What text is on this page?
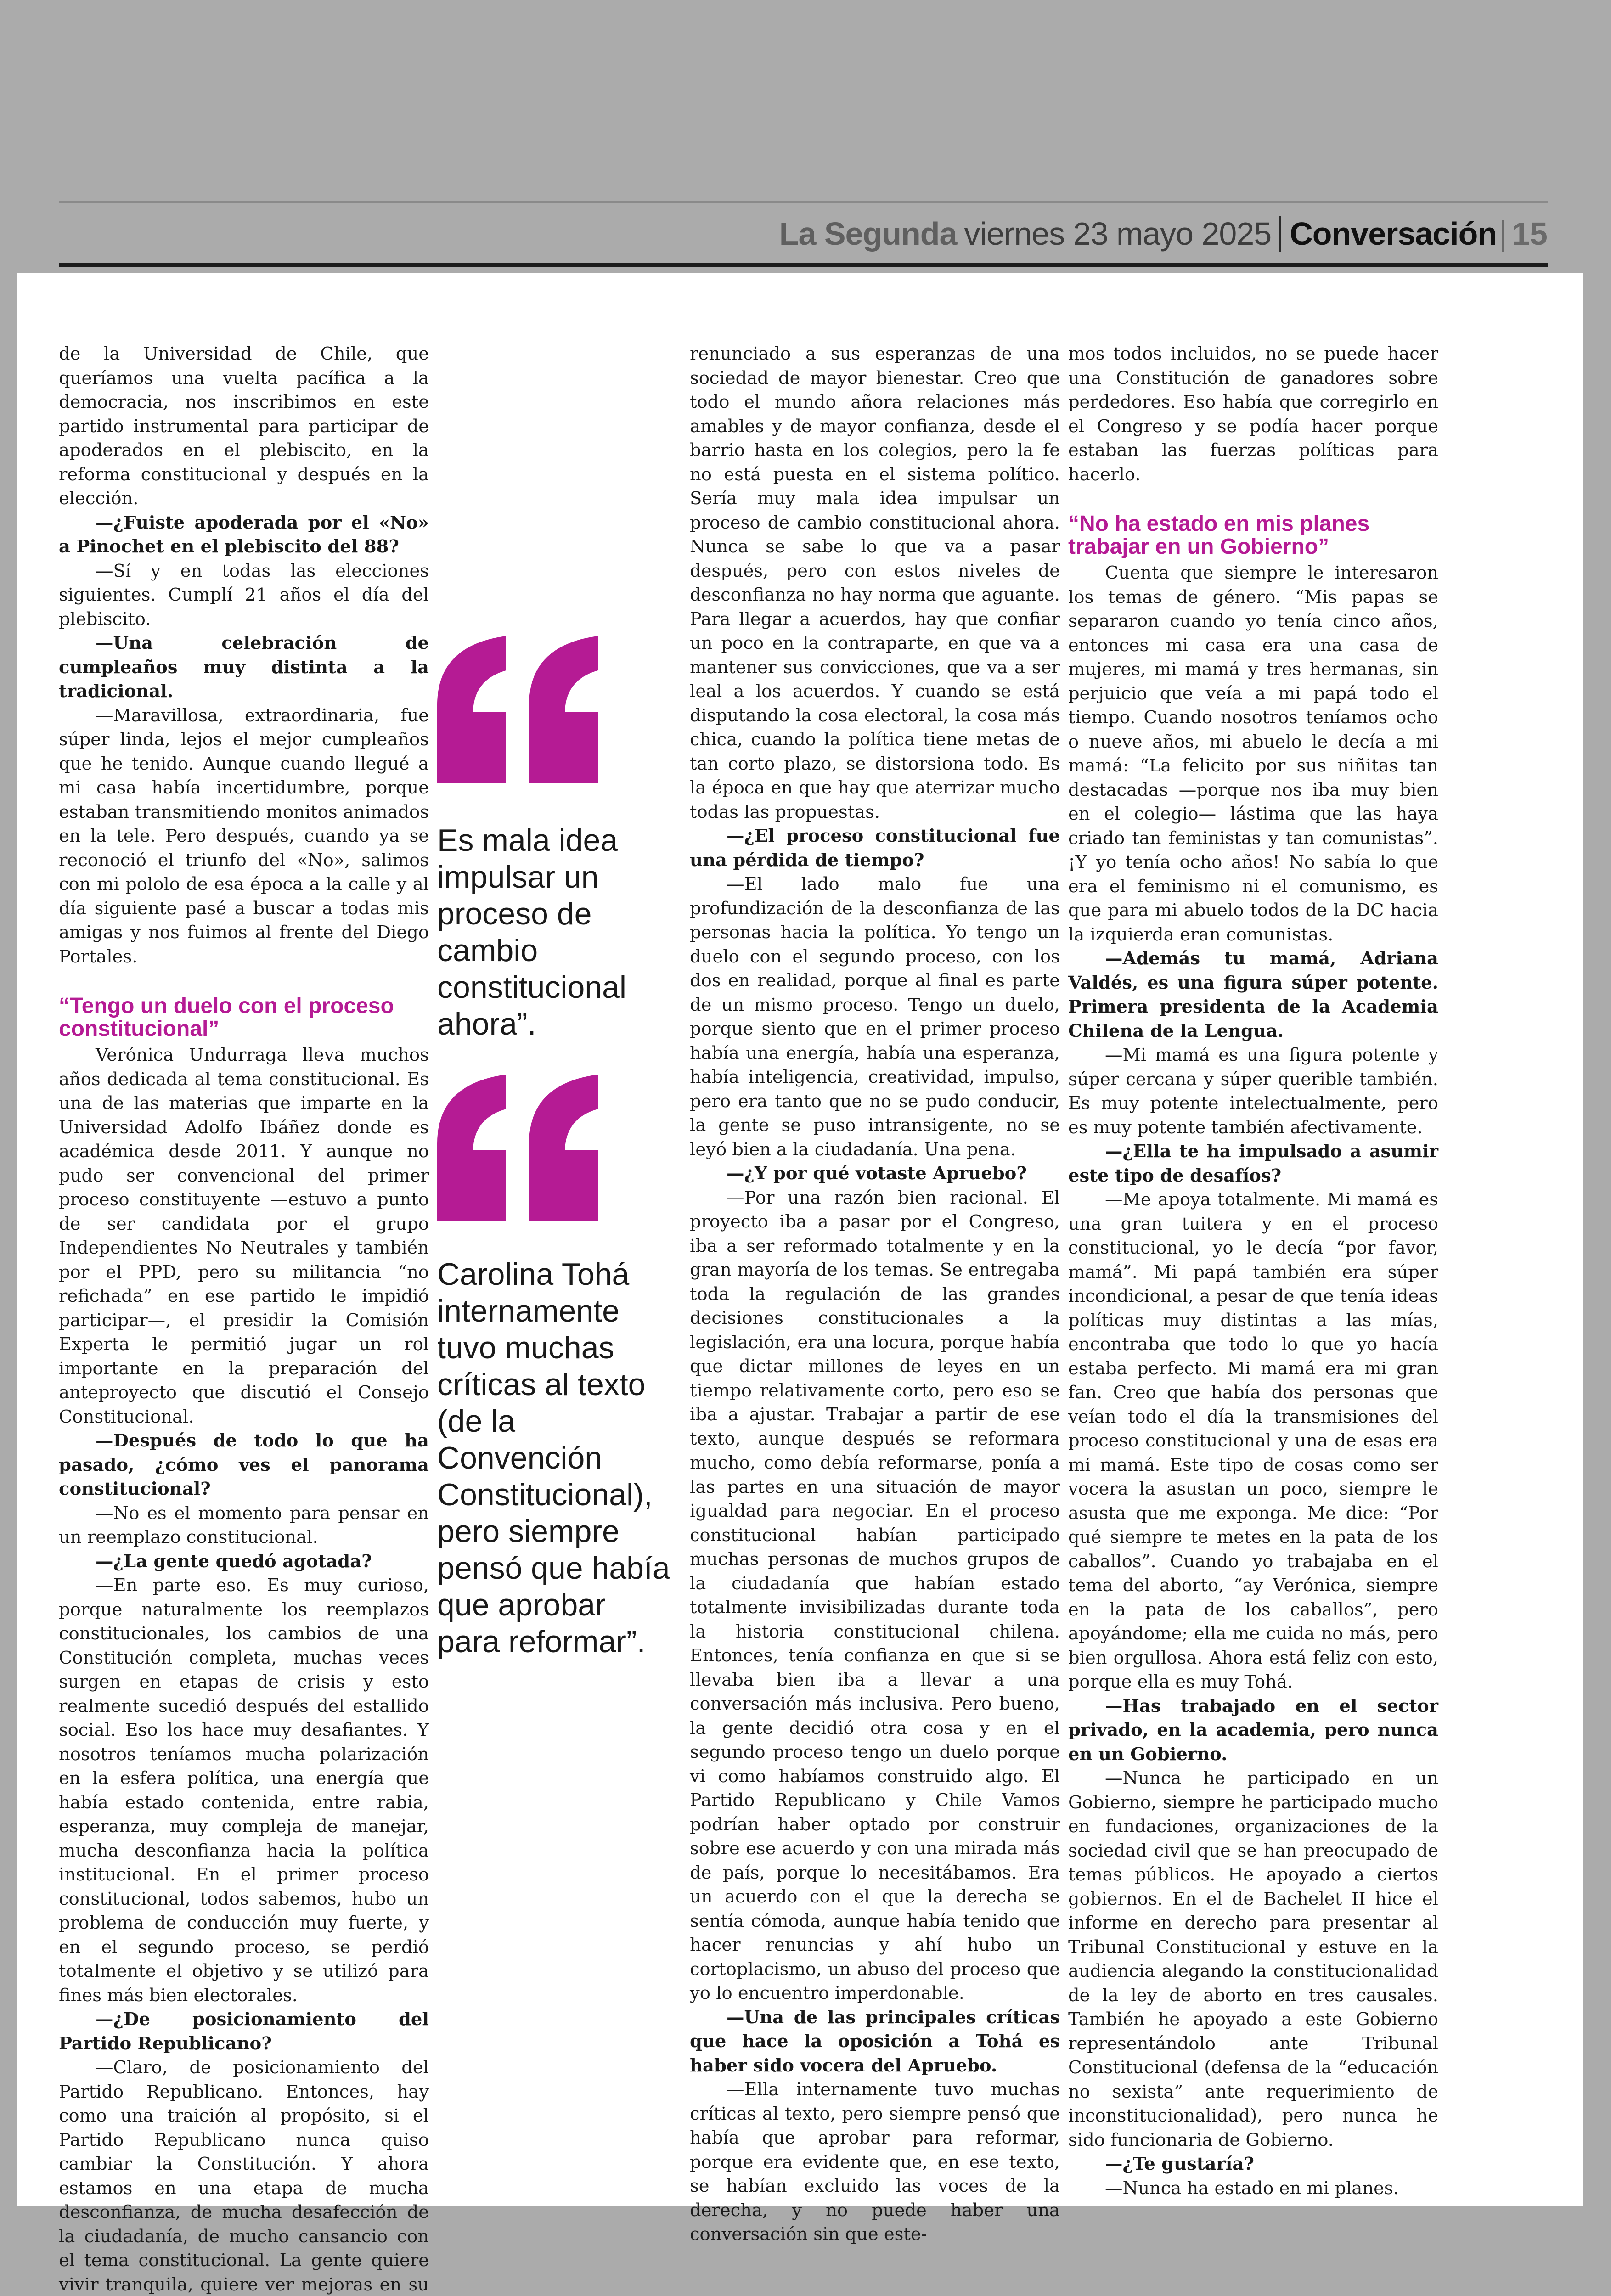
La Segunda viernes 23 mayo 2025 Conversación 15

de la Universidad de Chile, que queríamos una vuelta pacífica a la democracia, nos inscribimos en este partido instrumental para participar de apoderados en el plebiscito, en la reforma constitucional y después en la elección.

—¿Fuiste apoderada por el «No» a Pinochet en el plebiscito del 88?

—Sí y en todas las elecciones siguientes. Cumplí 21 años el día del plebiscito.

—Una celebración de cumpleaños muy distinta a la tradicional.

—Maravillosa, extraordinaria, fue súper linda, lejos el mejor cumpleaños que he tenido. Aunque cuando llegué a mi casa había incertidumbre, porque estaban transmitiendo monitos animados en la tele. Pero después, cuando ya se reconoció el triunfo del «No», salimos con mi pololo de esa época a la calle y al día siguiente pasé a buscar a todas mis amigas y nos fuimos al frente del Diego Portales.

“Tengo un duelo con el proceso constitucional”

Verónica Undurraga lleva muchos años dedicada al tema constitucional. Es una de las materias que imparte en la Universidad Adolfo Ibáñez donde es académica desde 2011. Y aunque no pudo ser convencional del primer proceso constituyente —estuvo a punto de ser candidata por el grupo Independientes No Neutrales y también por el PPD, pero su militancia “no refichada” en ese partido le impidió participar—, el presidir la Comisión Experta le permitió jugar un rol importante en la preparación del anteproyecto que discutió el Consejo Constitucional.

—Después de todo lo que ha pasado, ¿cómo ves el panorama constitucional?

—No es el momento para pensar en un reemplazo constitucional.

—¿La gente quedó agotada?

—En parte eso. Es muy curioso, porque naturalmente los reemplazos constitucionales, los cambios de una Constitución completa, muchas veces surgen en etapas de crisis y esto realmente sucedió después del estallido social. Eso los hace muy desafiantes. Y nosotros teníamos mucha polarización en la esfera política, una energía que había estado contenida, entre rabia, esperanza, muy compleja de manejar, mucha desconfianza hacia la política institucional. En el primer proceso constitucional, todos sabemos, hubo un problema de conducción muy fuerte, y en el segundo proceso, se perdió totalmente el objetivo y se utilizó para fines más bien electorales.

—¿De posicionamiento del Partido Republicano?

—Claro, de posicionamiento del Partido Republicano. Entonces, hay como una traición al propósito, si el Partido Republicano nunca quiso cambiar la Constitución. Y ahora estamos en una etapa de mucha desconfianza, de mucha desafección de la ciudadanía, de mucho cansancio con el tema constitucional. La gente quiere vivir tranquila, quiere ver mejoras en su

Es mala idea impulsar un proceso de cambio constitucional ahora”.
Carolina Tohá internamente tuvo muchas críticas al texto (de la Convención Constitucional), pero siempre pensó que había que aprobar para reformar”.

renunciado a sus esperanzas de una sociedad de mayor bienestar. Creo que todo el mundo añora relaciones más amables y de mayor confianza, desde el barrio hasta en los colegios, pero la fe no está puesta en el sistema político. Sería muy mala idea impulsar un proceso de cambio constitucional ahora. Nunca se sabe lo que va a pasar después, pero con estos niveles de desconfianza no hay norma que aguante. Para llegar a acuerdos, hay que confiar un poco en la contraparte, en que va a mantener sus convicciones, que va a ser leal a los acuerdos. Y cuando se está disputando la cosa electoral, la cosa más chica, cuando la política tiene metas de tan corto plazo, se distorsiona todo. Es la época en que hay que aterrizar mucho todas las propuestas.

—¿El proceso constitucional fue una pérdida de tiempo?

—El lado malo fue una profundización de la desconfianza de las personas hacia la política. Yo tengo un duelo con el segundo proceso, con los dos en realidad, porque al final es parte de un mismo proceso. Tengo un duelo, porque siento que en el primer proceso había una energía, había una esperanza, había inteligencia, creatividad, impulso, pero era tanto que no se pudo conducir, la gente se puso intransigente, no se leyó bien a la ciudadanía. Una pena.

—¿Y por qué votaste Apruebo?

—Por una razón bien racional. El proyecto iba a pasar por el Congreso, iba a ser reformado totalmente y en la gran mayoría de los temas. Se entregaba toda la regulación de las grandes decisiones constitucionales a la legislación, era una locura, porque había que dictar millones de leyes en un tiempo relativamente corto, pero eso se iba a ajustar. Trabajar a partir de ese texto, aunque después se reformara mucho, como debía reformarse, ponía a las partes en una situación de mayor igualdad para negociar. En el proceso constitucional habían participado muchas personas de muchos grupos de la ciudadanía que habían estado totalmente invisibilizadas durante toda la historia constitucional chilena. Entonces, tenía confianza en que si se llevaba bien iba a llevar a una conversación más inclusiva. Pero bueno, la gente decidió otra cosa y en el segundo proceso tengo un duelo porque vi como habíamos construido algo. El Partido Republicano y Chile Vamos podrían haber optado por construir sobre ese acuerdo y con una mirada más de país, porque lo necesitábamos. Era un acuerdo con el que la derecha se sentía cómoda, aunque había tenido que hacer renuncias y ahí hubo un cortoplacismo, un abuso del proceso que yo lo encuentro imperdonable.

—Una de las principales críticas que hace la oposición a Tohá es haber sido vocera del Apruebo.

—Ella internamente tuvo muchas críticas al texto, pero siempre pensó que había que aprobar para reformar, porque era evidente que, en ese texto, se habían excluido las voces de la derecha, y no puede haber una conversación sin que este-

mos todos incluidos, no se puede hacer una Constitución de ganadores sobre perdedores. Eso había que corregirlo en el Congreso y se podía hacer porque estaban las fuerzas políticas para hacerlo.

“No ha estado en mis planes trabajar en un Gobierno”

Cuenta que siempre le interesaron los temas de género. “Mis papas se separaron cuando yo tenía cinco años, entonces mi casa era una casa de mujeres, mi mamá y tres hermanas, sin perjuicio que veía a mi papá todo el tiempo. Cuando nosotros teníamos ocho o nueve años, mi abuelo le decía a mi mamá: “La felicito por sus niñitas tan destacadas —porque nos iba muy bien en el colegio— lástima que las haya criado tan feministas y tan comunistas”. ¡Y yo tenía ocho años! No sabía lo que era el feminismo ni el comunismo, es que para mi abuelo todos de la DC hacia la izquierda eran comunistas.

—Además tu mamá, Adriana Valdés, es una figura súper potente. Primera presidenta de la Academia Chilena de la Lengua.

—Mi mamá es una figura potente y súper cercana y súper querible también. Es muy potente intelectualmente, pero es muy potente también afectivamente.

—¿Ella te ha impulsado a asumir este tipo de desafíos?

—Me apoya totalmente. Mi mamá es una gran tuitera y en el proceso constitucional, yo le decía “por favor, mamá”. Mi papá también era súper incondicional, a pesar de que tenía ideas políticas muy distintas a las mías, encontraba que todo lo que yo hacía estaba perfecto. Mi mamá era mi gran fan. Creo que había dos personas que veían todo el día la transmisiones del proceso constitucional y una de esas era mi mamá. Este tipo de cosas como ser vocera la asustan un poco, siempre le asusta que me exponga. Me dice: “Por qué siempre te metes en la pata de los caballos”. Cuando yo trabajaba en el tema del aborto, “ay Verónica, siempre en la pata de los caballos”, pero apoyándome; ella me cuida no más, pero bien orgullosa. Ahora está feliz con esto, porque ella es muy Tohá.

—Has trabajado en el sector privado, en la academia, pero nunca en un Gobierno.

—Nunca he participado en un Gobierno, siempre he participado mucho en fundaciones, organizaciones de la sociedad civil que se han preocupado de temas públicos. He apoyado a ciertos gobiernos. En el de Bachelet II hice el informe en derecho para presentar al Tribunal Constitucional y estuve en la audiencia alegando la constitucionalidad de la ley de aborto en tres causales. También he apoyado a este Gobierno representándolo ante Tribunal Constitucional (defensa de la “educación no sexista” ante requerimiento de inconstitucionalidad), pero nunca he sido funcionaria de Gobierno.

—¿Te gustaría?

—Nunca ha estado en mi planes.
